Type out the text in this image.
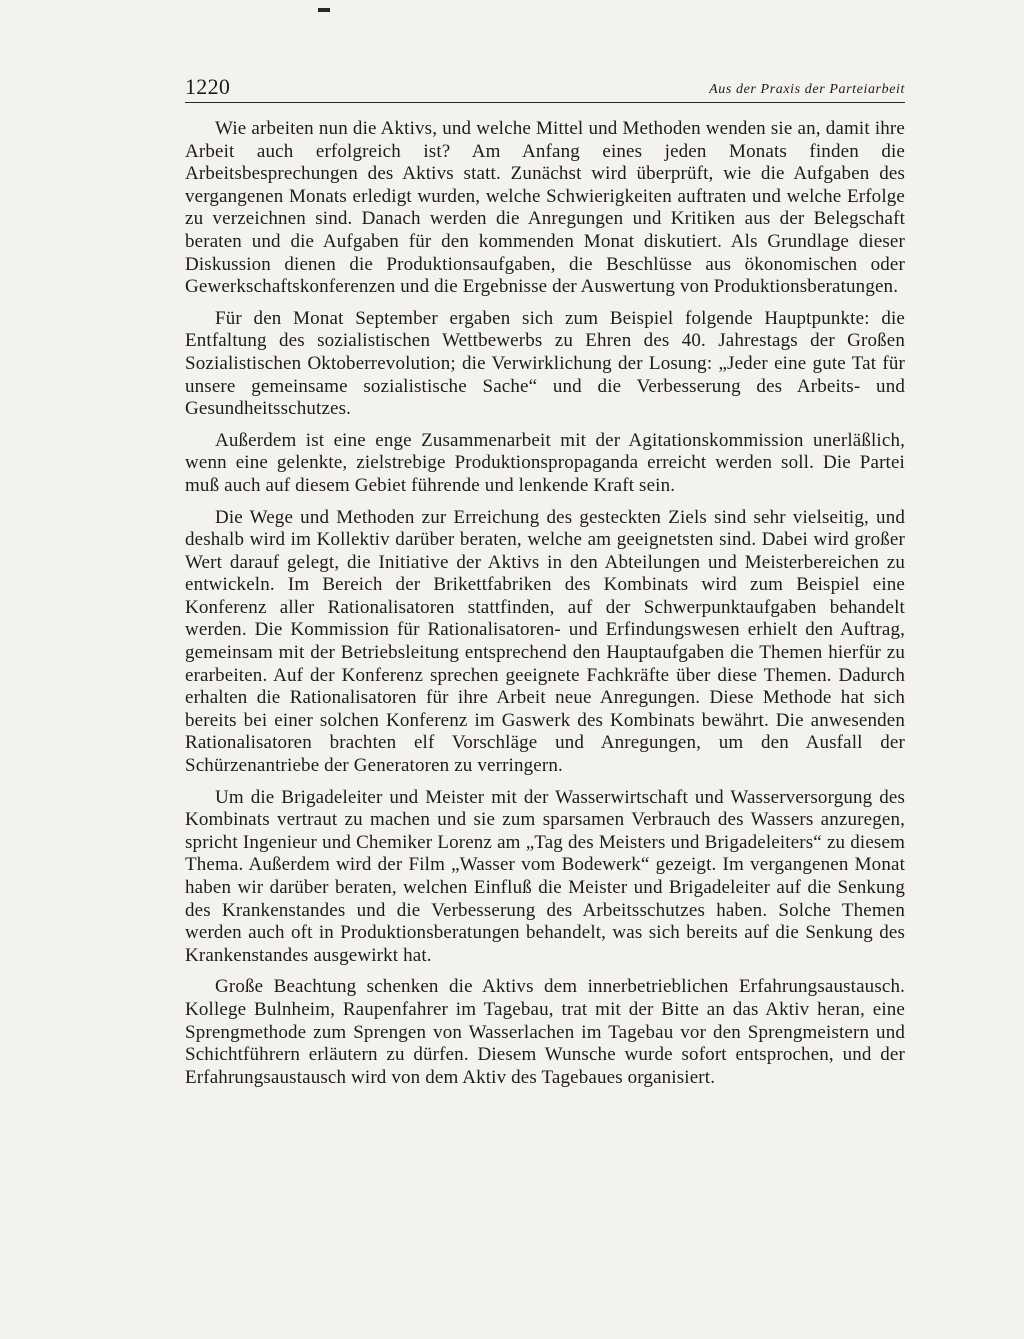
1220	Aus der Praxis der Parteiarbeit

Wie arbeiten nun die Aktivs, und welche Mittel und Methoden wenden sie an, damit ihre Arbeit auch erfolgreich ist? Am Anfang eines jeden Monats finden die Arbeitsbesprechungen des Aktivs statt. Zunächst wird überprüft, wie die Aufgaben des vergangenen Monats erledigt wurden, welche Schwierigkeiten auftraten und welche Erfolge zu verzeichnen sind. Danach werden die Anregungen und Kritiken aus der Belegschaft beraten und die Aufgaben für den kommenden Monat diskutiert. Als Grundlage dieser Diskussion dienen die Produktionsaufgaben, die Beschlüsse aus ökonomischen oder Gewerkschaftskonferenzen und die Ergebnisse der Auswertung von Produktionsberatungen.

Für den Monat September ergaben sich zum Beispiel folgende Hauptpunkte: die Entfaltung des sozialistischen Wettbewerbs zu Ehren des 40. Jahrestags der Großen Sozialistischen Oktoberrevolution; die Verwirklichung der Losung: „Jeder eine gute Tat für unsere gemeinsame sozialistische Sache“ und die Verbesserung des Arbeits- und Gesundheitsschutzes.

Außerdem ist eine enge Zusammenarbeit mit der Agitationskommission unerläßlich, wenn eine gelenkte, zielstrebige Produktionspropaganda erreicht werden soll. Die Partei muß auch auf diesem Gebiet führende und lenkende Kraft sein.

Die Wege und Methoden zur Erreichung des gesteckten Ziels sind sehr vielseitig, und deshalb wird im Kollektiv darüber beraten, welche am geeignetsten sind. Dabei wird großer Wert darauf gelegt, die Initiative der Aktivs in den Abteilungen und Meisterbereichen zu entwickeln. Im Bereich der Brikettfabriken des Kombinats wird zum Beispiel eine Konferenz aller Rationalisatoren stattfinden, auf der Schwerpunktaufgaben behandelt werden. Die Kommission für Rationalisatoren- und Erfindungswesen erhielt den Auftrag, gemeinsam mit der Betriebsleitung entsprechend den Hauptaufgaben die Themen hierfür zu erarbeiten. Auf der Konferenz sprechen geeignete Fachkräfte über diese Themen. Dadurch erhalten die Rationalisatoren für ihre Arbeit neue Anregungen. Diese Methode hat sich bereits bei einer solchen Konferenz im Gaswerk des Kombinats bewährt. Die anwesenden Rationalisatoren brachten elf Vorschläge und Anregungen, um den Ausfall der Schürzenantriebe der Generatoren zu verringern.

Um die Brigadeleiter und Meister mit der Wasserwirtschaft und Wasserversorgung des Kombinats vertraut zu machen und sie zum sparsamen Verbrauch des Wassers anzuregen, spricht Ingenieur und Chemiker Lorenz am „Tag des Meisters und Brigadeleiters“ zu diesem Thema. Außerdem wird der Film „Wasser vom Bodewerk“ gezeigt. Im vergangenen Monat haben wir darüber beraten, welchen Einfluß die Meister und Brigadeleiter auf die Senkung des Krankenstandes und die Verbesserung des Arbeitsschutzes haben. Solche Themen werden auch oft in Produktionsberatungen behandelt, was sich bereits auf die Senkung des Krankenstandes ausgewirkt hat.

Große Beachtung schenken die Aktivs dem innerbetrieblichen Erfahrungsaustausch. Kollege Bulnheim, Raupenfahrer im Tagebau, trat mit der Bitte an das Aktiv heran, eine Sprengmethode zum Sprengen von Wasserlachen im Tagebau vor den Sprengmeistern und Schichtführern erläutern zu dürfen. Diesem Wunsche wurde sofort entsprochen, und der Erfahrungsaustausch wird von dem Aktiv des Tagebaues organisiert.
